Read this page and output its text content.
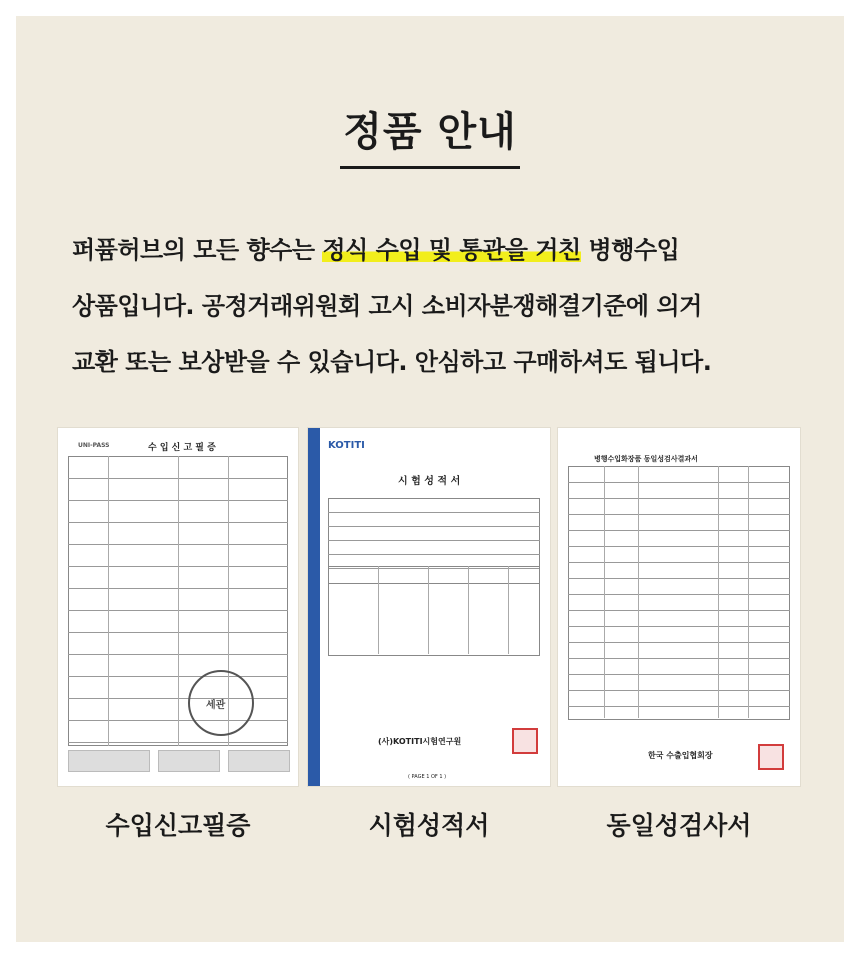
정품 안내
퍼퓸허브의 모든 향수는 정식 수입 및 통관을 거친 병행수입
상품입니다. 공정거래위원회 고시 소비자분쟁해결기준에 의거
교환 또는 보상받을 수 있습니다. 안심하고 구매하셔도 됩니다.
UNI-PASS	수 입 신 고 필 증
세관
KOTITI
시 험 성 적 서
(사)KOTITI시험연구원
( PAGE 1 OF 1 )
병행수입화장품 동일성검사결과서
한국 수출입협회장
수입신고필증	시험성적서	동일성검사서
